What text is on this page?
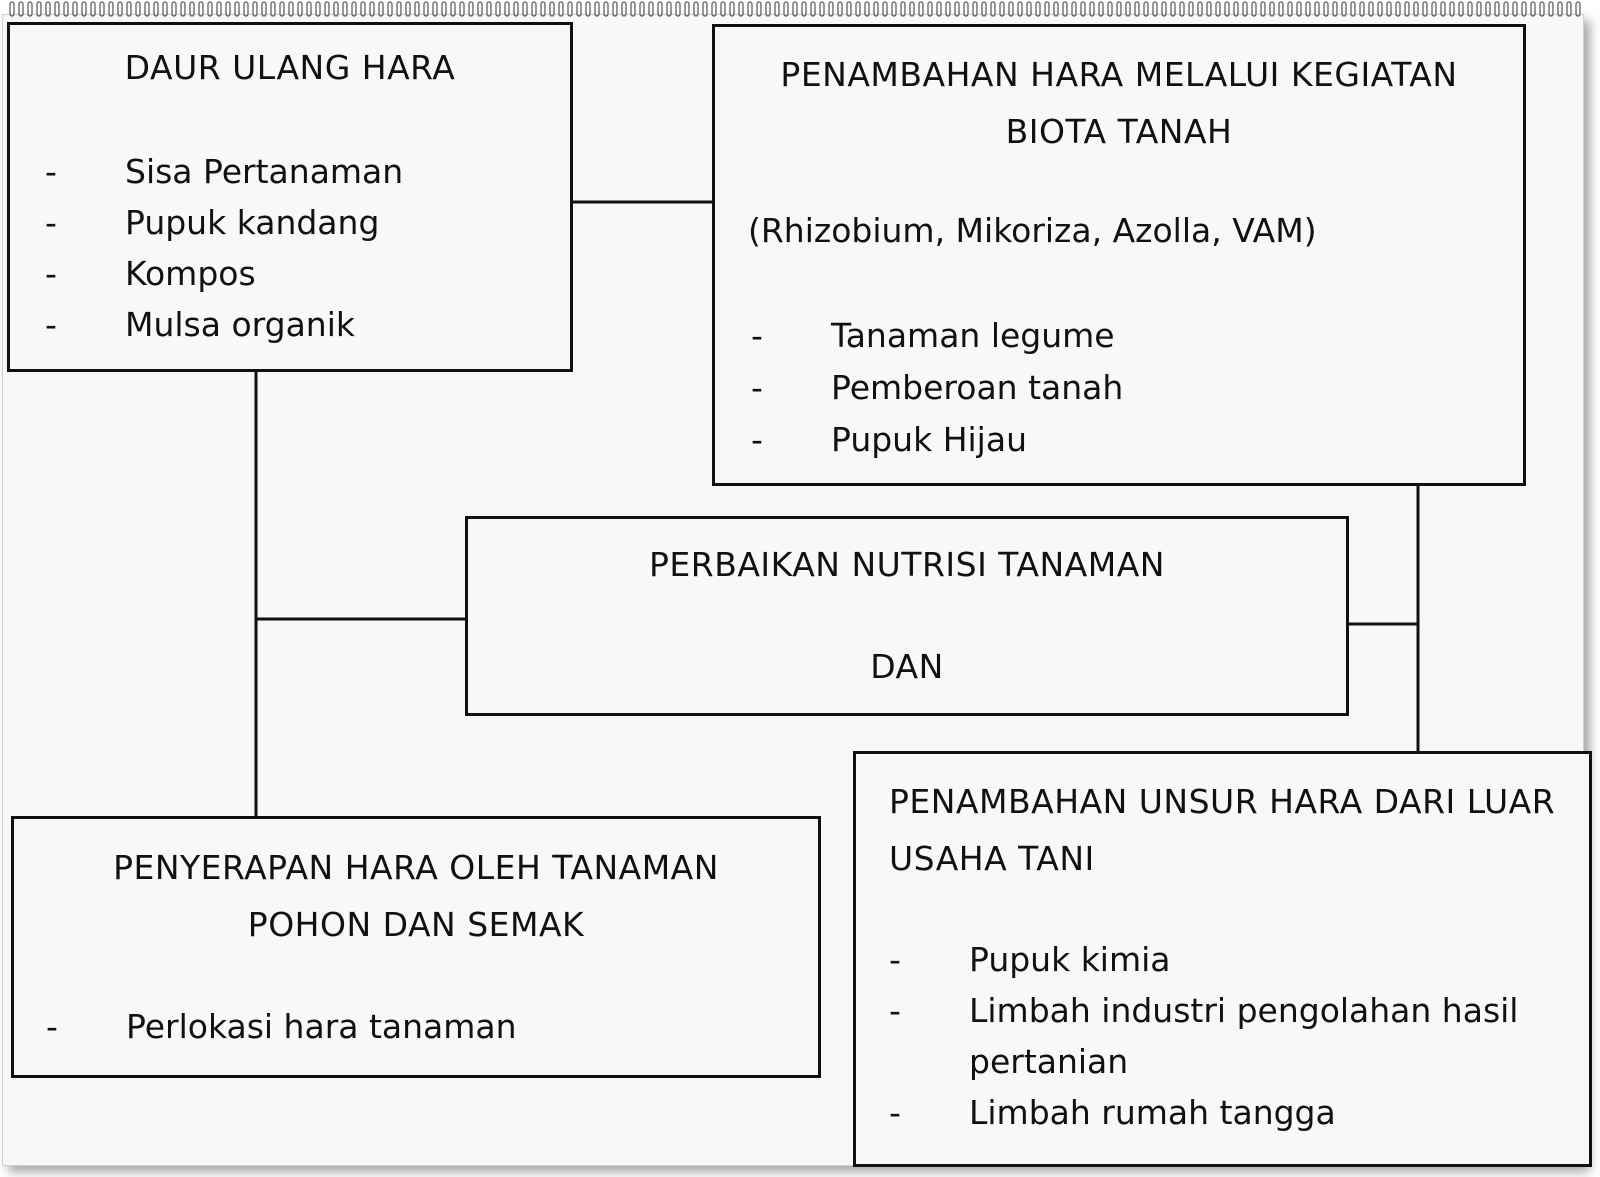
DAUR ULANG HARA

-
Sisa Pertanaman
-
Pupuk kandang
-
Kompos
-
Mulsa organik

PENAMBAHAN HARA MELALUI KEGIATAN

BIOTA TANAH

(Rhizobium, Mikoriza, Azolla, VAM)

-
Tanaman legume
-
Pemberoan tanah
-
Pupuk Hijau

PERBAIKAN NUTRISI TANAMAN

DAN

PENYERAPAN HARA OLEH TANAMAN

POHON DAN SEMAK

-
Perlokasi hara tanaman

PENAMBAHAN UNSUR HARA DARI LUAR

USAHA TANI

-
Pupuk kimia
-
Limbah industri pengolahan hasil pertanian
-
Limbah rumah tangga
